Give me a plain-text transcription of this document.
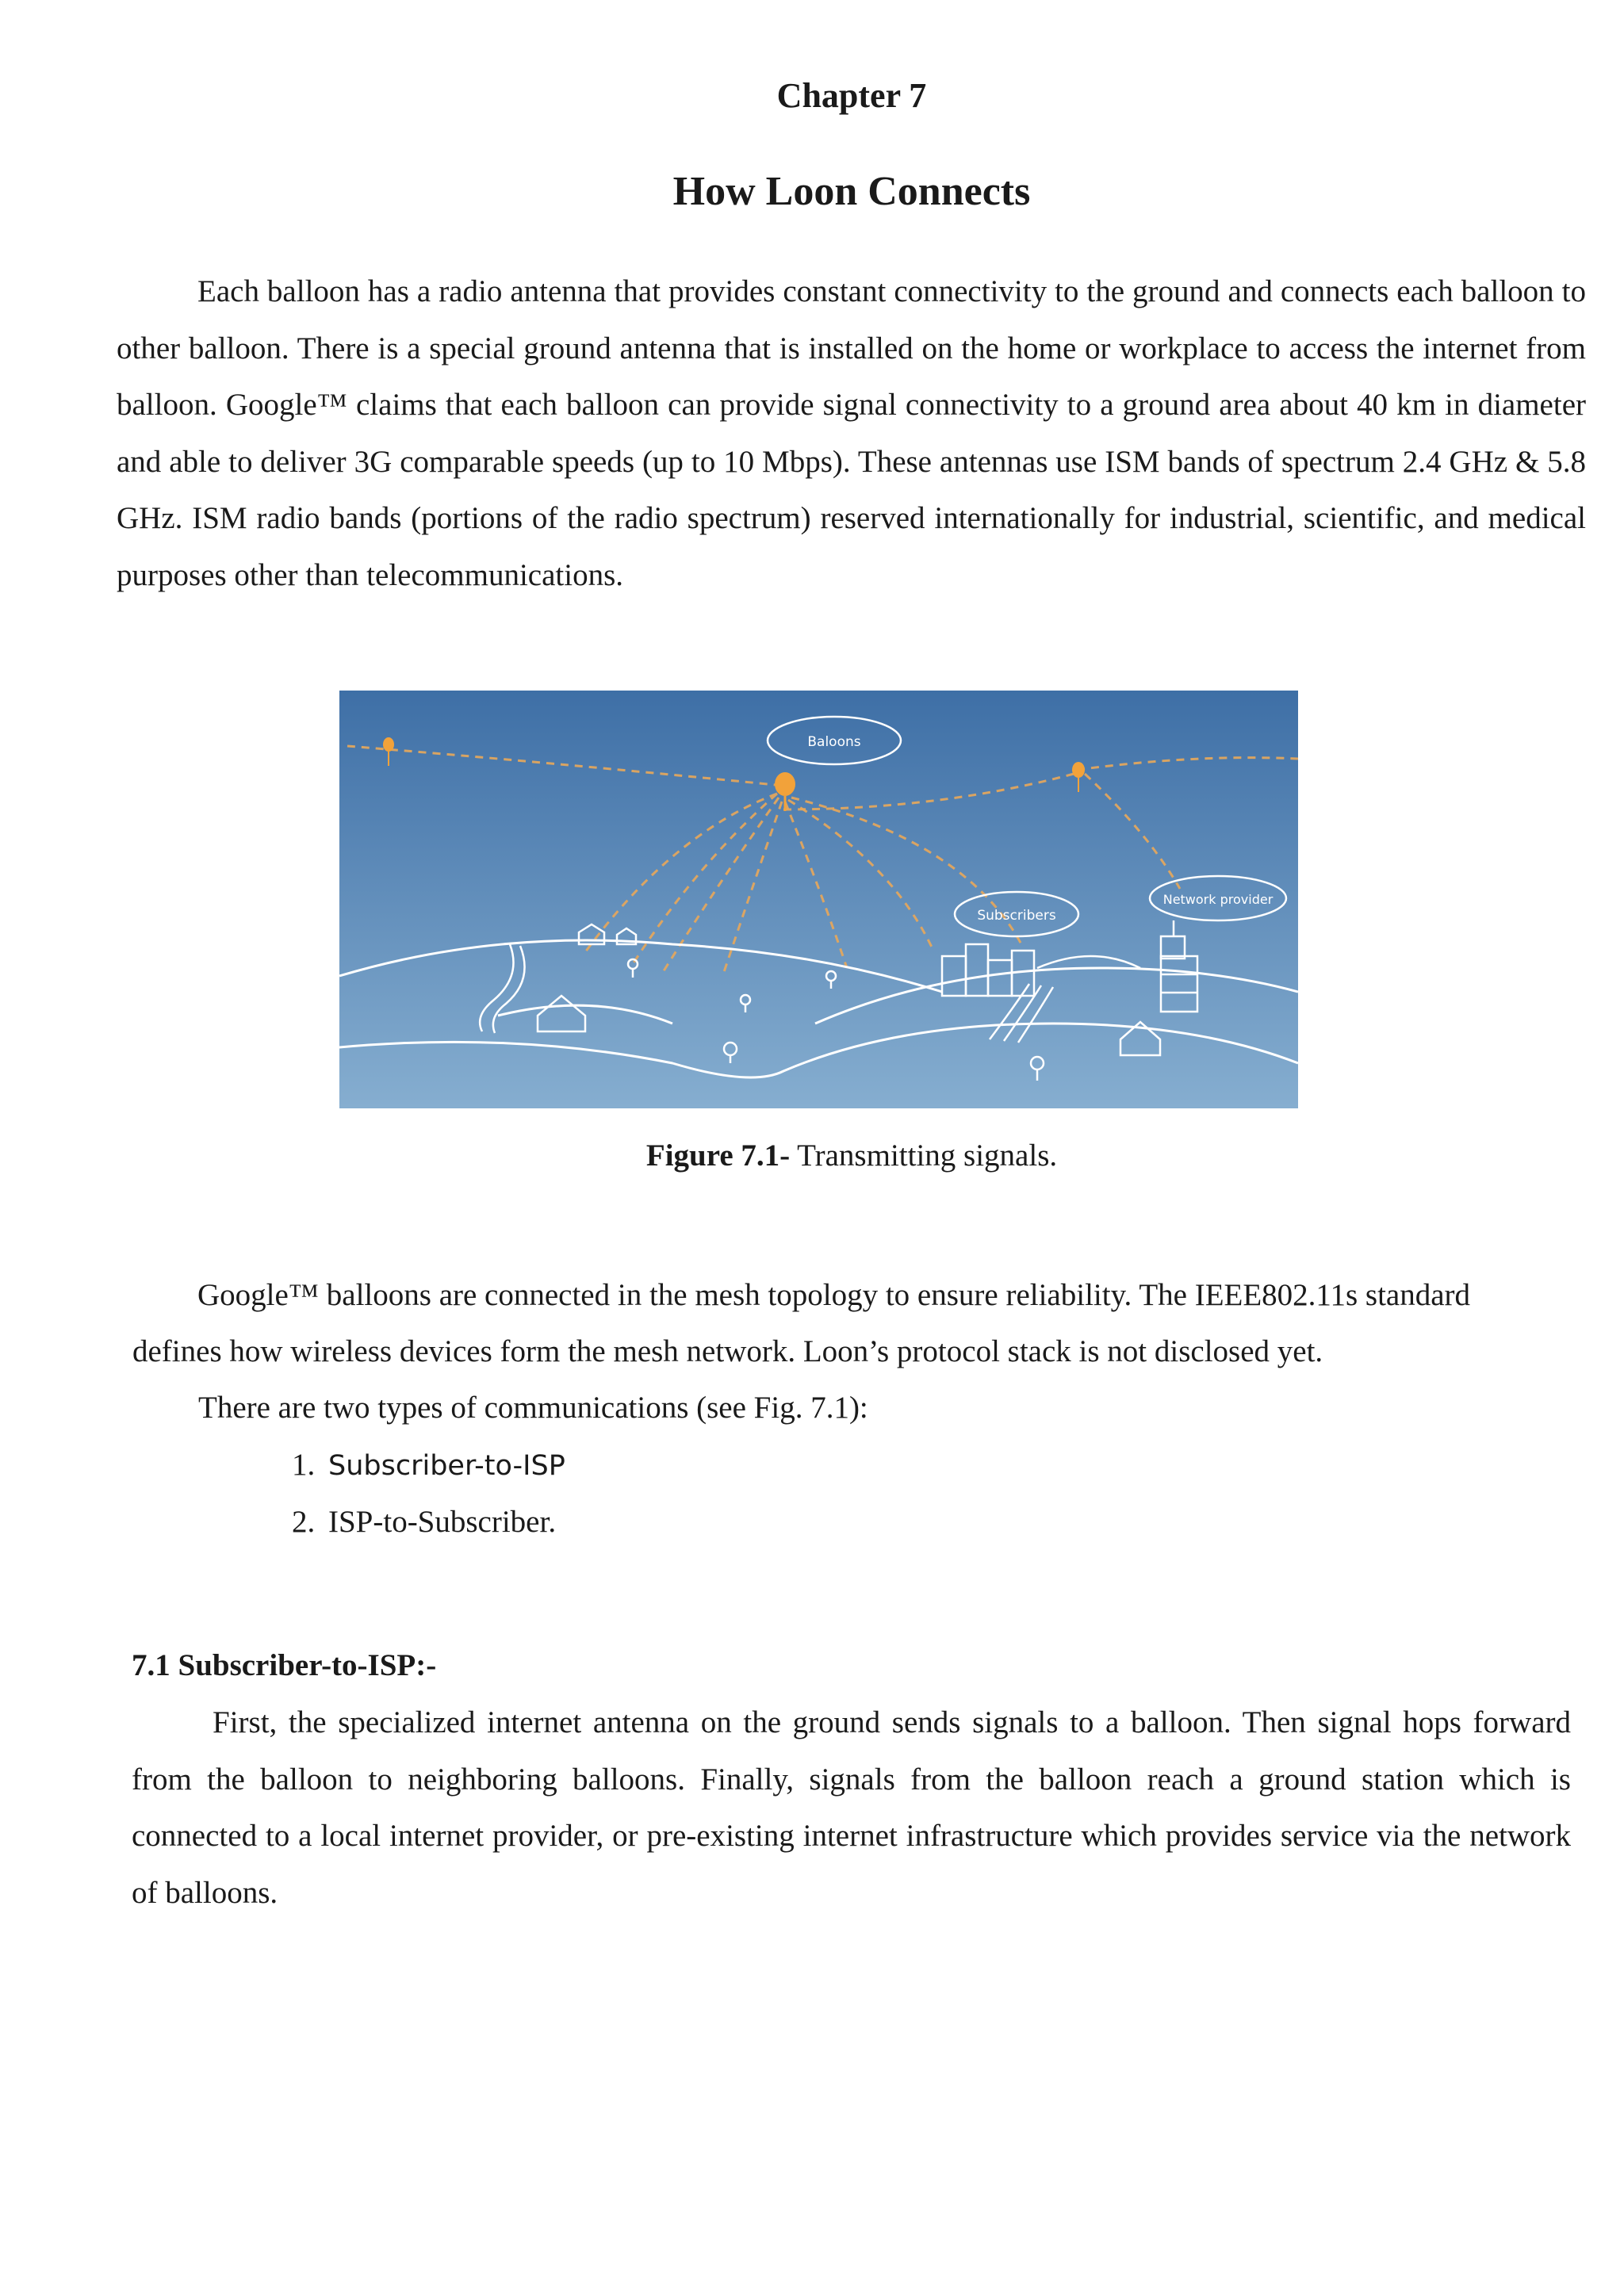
Chapter 7
How Loon Connects

Each balloon has a radio antenna that provides constant connectivity to the ground and connects each balloon to other balloon. There is a special ground antenna that is installed on the home or workplace to access the internet from balloon. Google™ claims that each balloon can provide signal connectivity to a ground area about 40 km in diameter and able to deliver 3G comparable speeds (up to 10 Mbps). These antennas use ISM bands of spectrum 2.4 GHz & 5.8 GHz. ISM radio bands (portions of the radio spectrum) reserved internationally for industrial, scientific, and medical purposes other than telecommunications.

Baloons
Subscribers
Network provider

Figure 7.1- Transmitting signals.

Google™ balloons are connected in the mesh topology to ensure reliability. The IEEE802.11s standard defines how wireless devices form the mesh network. Loon’s protocol stack is not disclosed yet.

There are two types of communications (see Fig. 7.1):

1. Subscriber-to-ISP
2. ISP-to-Subscriber.
7.1 Subscriber-to-ISP:-

First, the specialized internet antenna on the ground sends signals to a balloon. Then signal hops forward from the balloon to neighboring balloons. Finally, signals from the balloon reach a ground station which is connected to a local internet provider, or pre-existing internet infrastructure which provides service via the network of balloons.
